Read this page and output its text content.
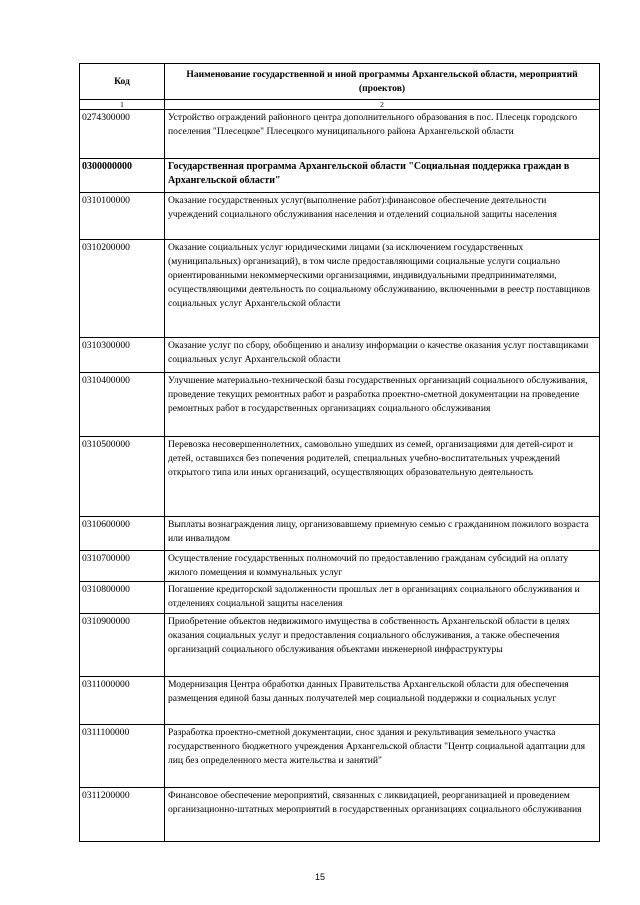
Код	Наименование государственной и иной программы Архангельской области, мероприятий (проектов)
1	2
0274300000	Устройство ограждений районного центра дополнительного образования в пос. Плесецк городского поселения "Плесецкое" Плесецкого муниципального района Архангельской области
0300000000	Государственная программа Архангельской области "Социальная поддержка граждан в Архангельской области"
0310100000	Оказание государственных услуг(выполнение работ):финансовое обеспечение деятельности учреждений социального обслуживания населения и отделений социальной защиты населения
0310200000	Оказание социальных услуг юридическими лицами (за исключением государственных (муниципальных) организаций), в том числе предоставляющими социальные услуги социально ориентированными некоммерческими организациями, индивидуальными предпринимателями, осуществляющими деятельность по социальному обслуживанию, включенными в реестр поставщиков социальных услуг Архангельской области
0310300000	Оказание услуг по сбору, обобщению и анализу информации о качестве оказания услуг поставщиками социальных услуг Архангельской области
0310400000	Улучшение материально-технической базы государственных организаций социального обслуживания, проведение текущих ремонтных работ и разработка проектно-сметной документации на проведение ремонтных работ в государственных организациях социального обслуживания
0310500000	Перевозка несовершеннолетних, самовольно ушедших из семей, организациями для детей-сирот и детей, оставшихся без попечения родителей, специальных учебно-воспитательных учреждений открытого типа или иных организаций, осуществляющих образовательную деятельность
0310600000	Выплаты вознаграждения лицу, организовавшему приемную семью с гражданином пожилого возраста или инвалидом
0310700000	Осуществление государственных полномочий по предоставлению гражданам субсидий на оплату жилого помещения и коммунальных услуг
0310800000	Погашение кредиторской задолженности прошлых лет в организациях социального обслуживания и отделениях социальной защиты населения
0310900000	Приобретение объектов недвижимого имущества в собственность Архангельской области в целях оказания социальных услуг и предоставления социального обслуживания, а также обеспечения организаций социального обслуживания объектами инженерной инфраструктуры
0311000000	Модернизация Центра обработки данных Правительства Архангельской области для обеспечения размещения единой базы данных получателей мер социальной поддержки и социальных услуг
0311100000	Разработка проектно-сметной документации, снос здания и рекультивация земельного участка государственного бюджетного учреждения Архангельской области "Центр социальной адаптации для лиц без определенного места жительства и занятий"
0311200000	Финансовое обеспечение мероприятий, связанных с ликвидацией, реорганизацией и проведением организационно-штатных мероприятий в государственных организациях социального обслуживания
15
